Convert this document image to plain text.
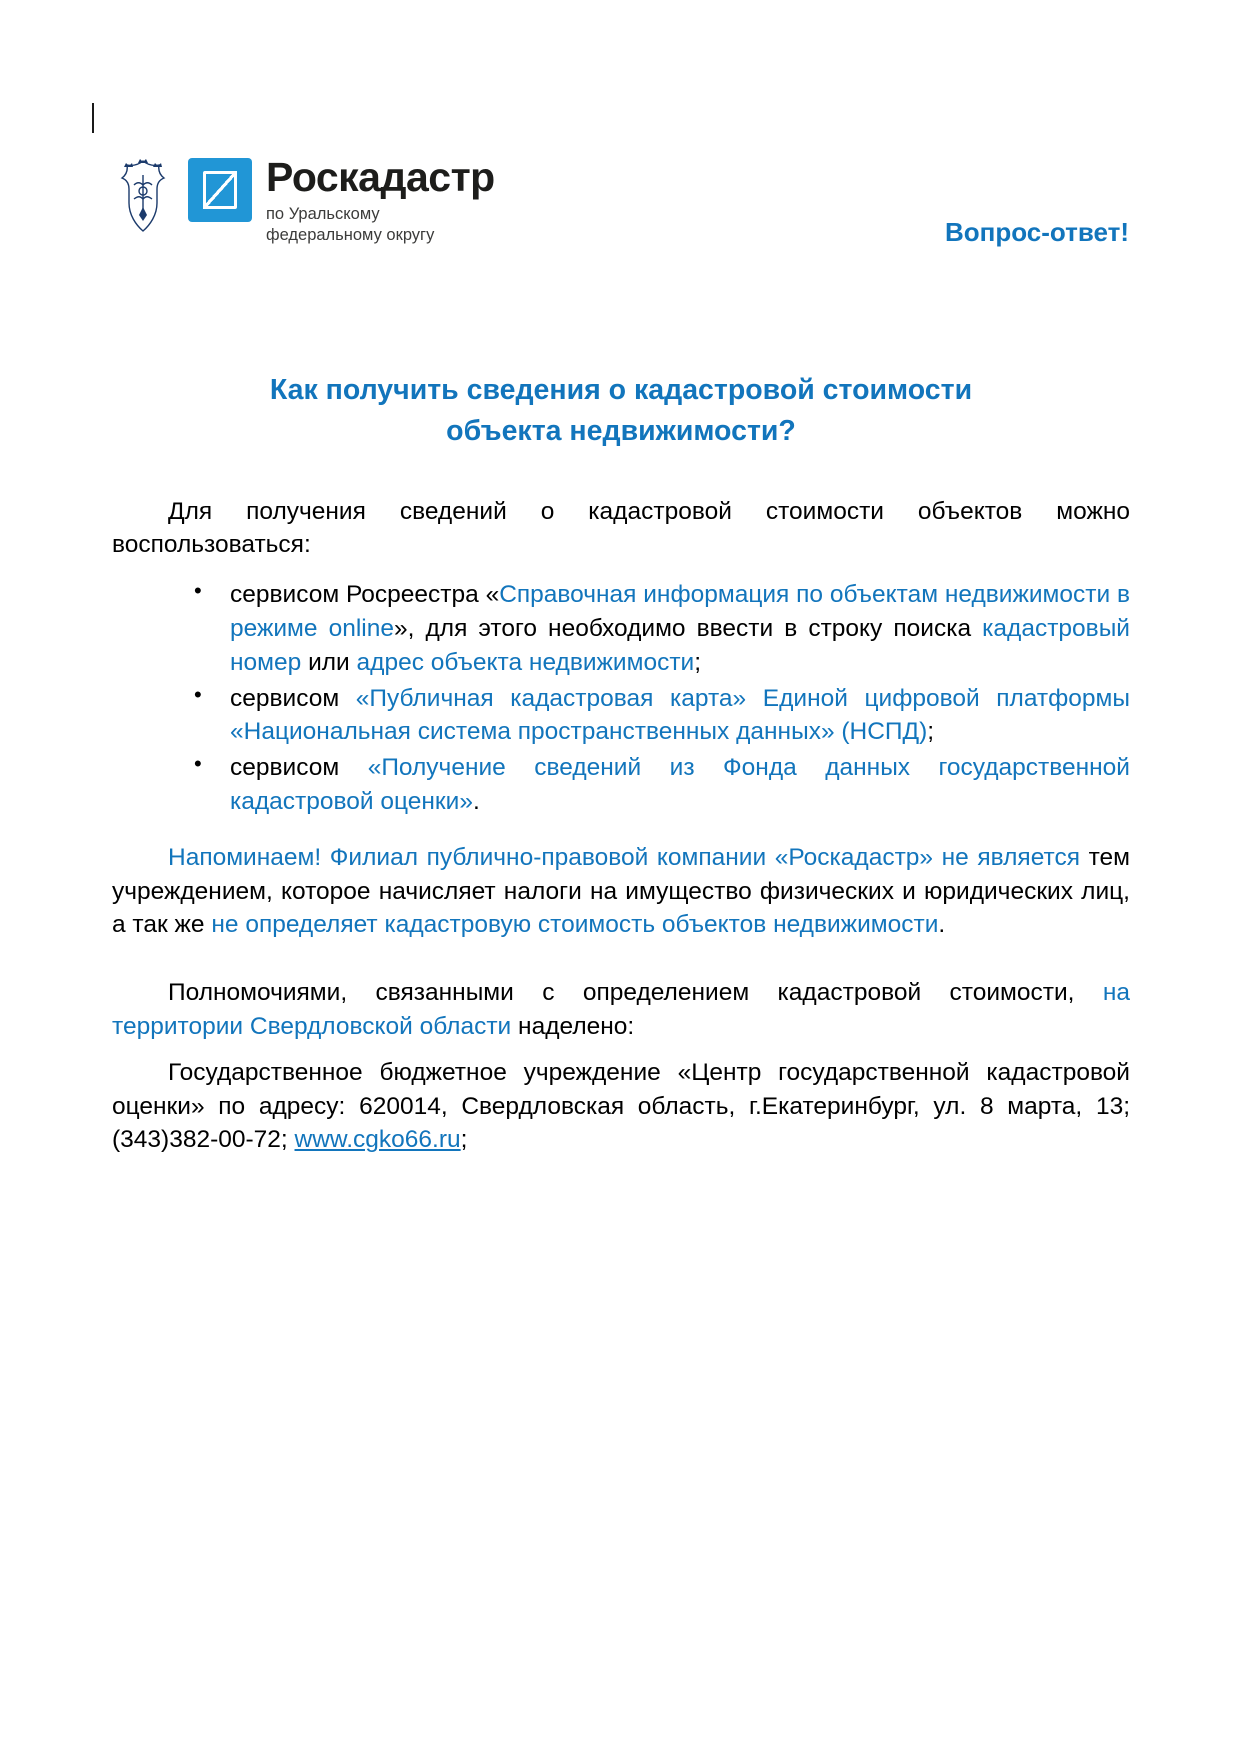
Роскадастр
по Уральскому
федеральному округу	Вопрос-ответ!
Как получить сведения о кадастровой стоимости
объекта недвижимости?

Для получения сведений о кадастровой стоимости объектов можно воспользоваться:

• сервисом Росреестра «Справочная информация по объектам недвижимости в режиме online», для этого необходимо ввести в строку поиска кадастровый номер или адрес объекта недвижимости;
• сервисом «Публичная кадастровая карта» Единой цифровой платформы «Национальная система пространственных данных» (НСПД);
• сервисом «Получение сведений из Фонда данных государственной кадастровой оценки».

Напоминаем! Филиал публично-правовой компании «Роскадастр» не является тем учреждением, которое начисляет налоги на имущество физических и юридических лиц, а так же не определяет кадастровую стоимость объектов недвижимости.

Полномочиями, связанными с определением кадастровой стоимости, на территории Свердловской области наделено:

Государственное бюджетное учреждение «Центр государственной кадастровой оценки» по адресу: 620014, Свердловская область, г.Екатеринбург, ул. 8 марта, 13; (343)382-00-72; www.cgko66.ru;
